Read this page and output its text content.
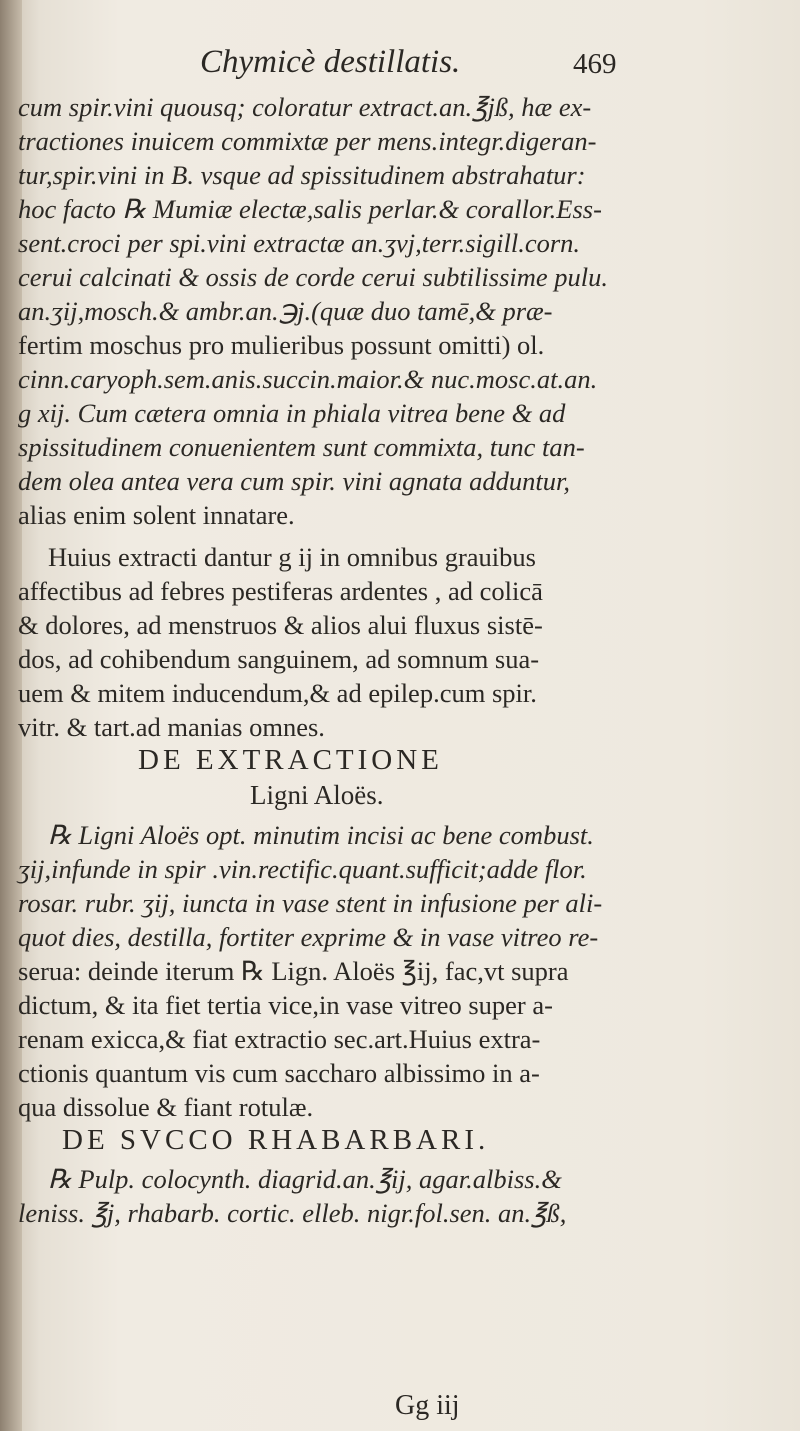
Chymicè destillatis.	469
cum spir.vini quousq; coloratur extract.an.℥jß, hæ ex-
tractiones inuicem commixtæ per mens.integr.digeran-
tur,spir.vini in B. vsque ad spissitudinem abstrahatur:
hoc facto ℞ Mumiæ electæ,salis perlar.& corallor.Ess-
sent.croci per spi.vini extractæ an.ʒvj,terr.sigill.corn.
cerui calcinati & ossis de corde cerui subtilissime pulu.
an.ʒij,mosch.& ambr.an.℈j.(quæ duo tamē,& præ-
fertim moschus pro mulieribus possunt omitti) ol.
cinn.caryoph.sem.anis.succin.maior.& nuc.mosc.at.an.
g xij. Cum cætera omnia in phiala vitrea bene & ad
spissitudinem conuenientem sunt commixta, tunc tan-
dem olea antea vera cum spir. vini agnata adduntur,
alias enim solent innatare.
Huius extracti dantur g ij in omnibus grauibus
affectibus ad febres pestiferas ardentes , ad colicā
& dolores, ad menstruos & alios alui fluxus sistē-
dos, ad cohibendum sanguinem, ad somnum sua-
uem & mitem inducendum,& ad epilep.cum spir.
vitr. & tart.ad manias omnes.
DE EXTRACTIONE
Ligni Aloës.
℞ Ligni Aloës opt. minutim incisi ac bene combust.
ʒij,infunde in spir .vin.rectific.quant.sufficit;adde flor.
rosar. rubr. ʒij, iuncta in vase stent in infusione per ali-
quot dies, destilla, fortiter exprime & in vase vitreo re-
serua: deinde iterum ℞ Lign. Aloës ℥ij, fac,vt supra
dictum, & ita fiet tertia vice,in vase vitreo super a-
renam exicca,& fiat extractio sec.art.Huius extra-
ctionis quantum vis cum saccharo albissimo in a-
qua dissolue & fiant rotulæ.
DE SVCCO RHABARBARI.
℞ Pulp. colocynth. diagrid.an.℥ij, agar.albiss.&
leniss. ℥j, rhabarb. cortic. elleb. nigr.fol.sen. an.℥ß,
Gg iij
